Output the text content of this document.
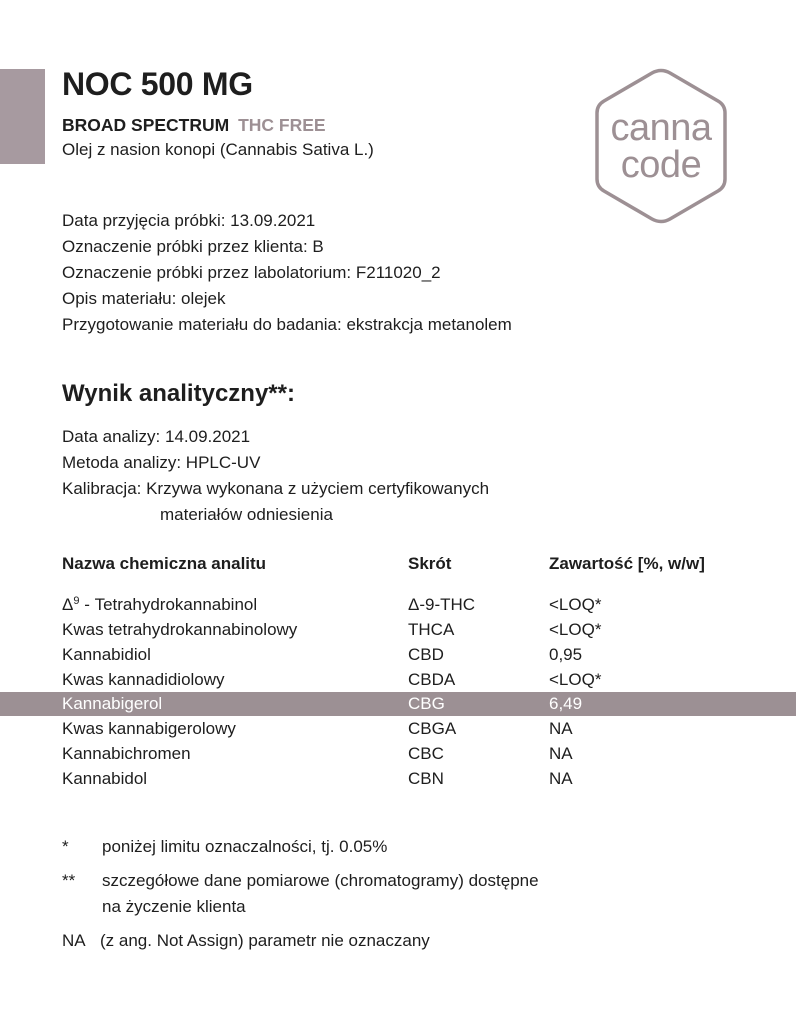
NOC 500 MG
BROAD SPECTRUM THC FREE
Olej z nasion konopi (Cannabis Sativa L.)
canna
code
Data przyjęcia próbki: 13.09.2021
Oznaczenie próbki przez klienta: B
Oznaczenie próbki przez labolatorium: F211020_2
Opis materiału: olejek
Przygotowanie materiału do badania: ekstrakcja metanolem
Wynik analityczny**:
Data analizy: 14.09.2021
Metoda analizy: HPLC-UV
Kalibracja: Krzywa wykonana z użyciem certyfikowanych
materiałów odniesienia
Nazwa chemiczna analitu	Skrót	Zawartość [%, w/w]
$\Delta^9$ - Tetrahydrokannabinol	Δ-9-THC	<LOQ*
Kwas tetrahydrokannabinolowy	THCA	<LOQ*
Kannabidiol	CBD	0,95
Kwas kannadidiolowy	CBDA	<LOQ*
Kannabigerol	CBG	6,49
Kwas kannabigerolowy	CBGA	NA
Kannabichromen	CBC	NA
Kannabidol	CBN	NA
*	poniżej limitu oznaczalności, tj. 0.05%
**	szczegółowe dane pomiarowe (chromatogramy) dostępne
na życzenie klienta
NA (z ang. Not Assign) parametr nie oznaczany
